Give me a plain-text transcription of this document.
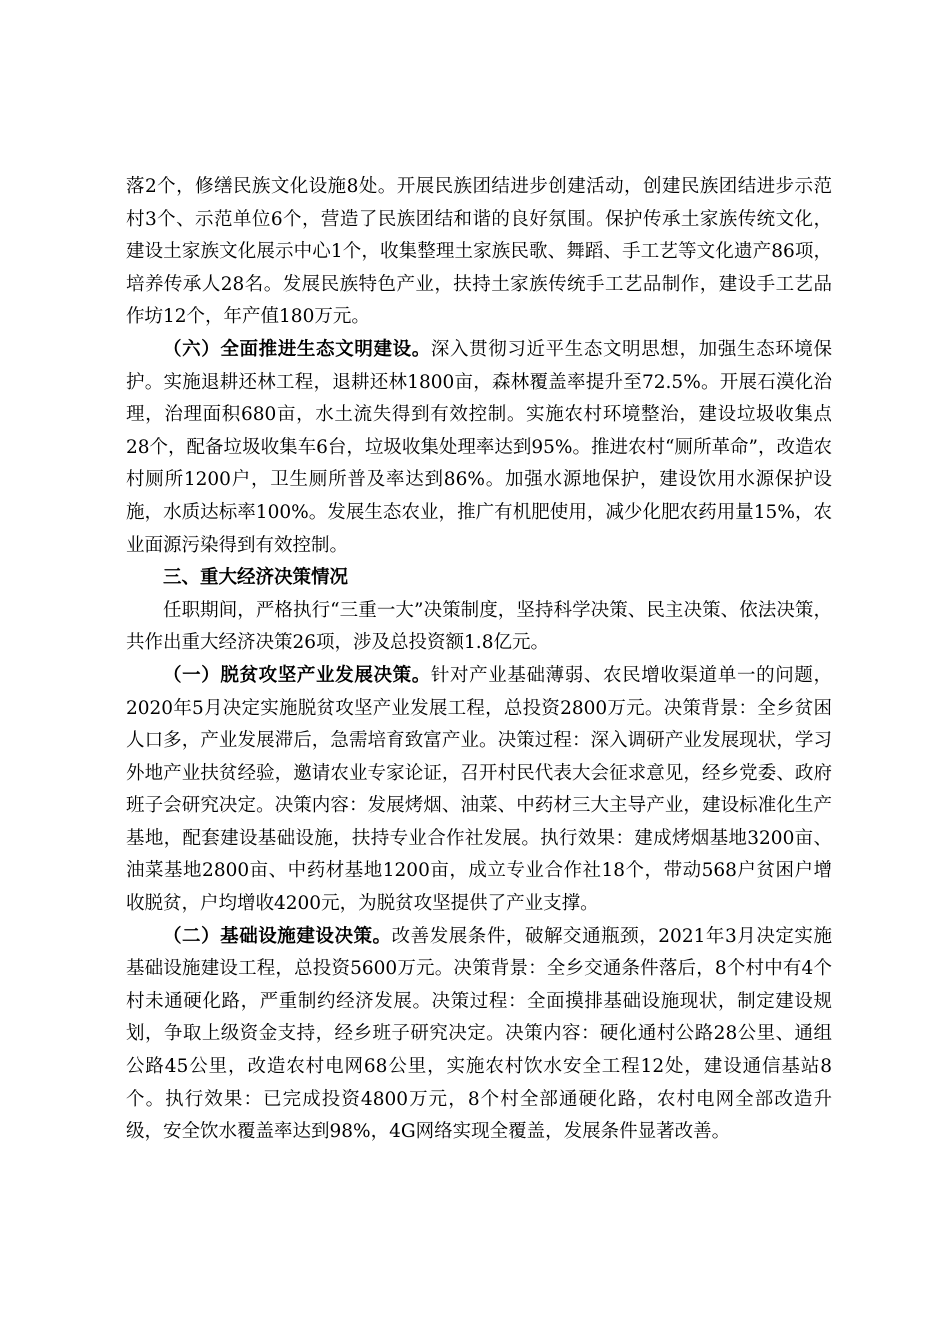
落2个，修缮民族文化设施8处。开展民族团结进步创建活动，创建民族团结进步示范村3个、示范单位6个，营造了民族团结和谐的良好氛围。保护传承土家族传统文化，建设土家族文化展示中心1个，收集整理土家族民歌、舞蹈、手工艺等文化遗产86项，培养传承人28名。发展民族特色产业，扶持土家族传统手工艺品制作，建设手工艺品作坊12个，年产值180万元。

（六）全面推进生态文明建设。深入贯彻习近平生态文明思想，加强生态环境保护。实施退耕还林工程，退耕还林1800亩，森林覆盖率提升至72.5%。开展石漠化治理，治理面积680亩，水土流失得到有效控制。实施农村环境整治，建设垃圾收集点28个，配备垃圾收集车6台，垃圾收集处理率达到95%。推进农村“厕所革命”，改造农村厕所1200户，卫生厕所普及率达到86%。加强水源地保护，建设饮用水源保护设施，水质达标率100%。发展生态农业，推广有机肥使用，减少化肥农药用量15%，农业面源污染得到有效控制。

三、重大经济决策情况

任职期间，严格执行“三重一大”决策制度，坚持科学决策、民主决策、依法决策，共作出重大经济决策26项，涉及总投资额1.8亿元。

（一）脱贫攻坚产业发展决策。针对产业基础薄弱、农民增收渠道单一的问题，2020年5月决定实施脱贫攻坚产业发展工程，总投资2800万元。决策背景：全乡贫困人口多，产业发展滞后，急需培育致富产业。决策过程：深入调研产业发展现状，学习外地产业扶贫经验，邀请农业专家论证，召开村民代表大会征求意见，经乡党委、政府班子会研究决定。决策内容：发展烤烟、油菜、中药材三大主导产业，建设标准化生产基地，配套建设基础设施，扶持专业合作社发展。执行效果：建成烤烟基地3200亩、油菜基地2800亩、中药材基地1200亩，成立专业合作社18个，带动568户贫困户增收脱贫，户均增收4200元，为脱贫攻坚提供了产业支撑。

（二）基础设施建设决策。改善发展条件，破解交通瓶颈，2021年3月决定实施基础设施建设工程，总投资5600万元。决策背景：全乡交通条件落后，8个村中有4个村未通硬化路，严重制约经济发展。决策过程：全面摸排基础设施现状，制定建设规划，争取上级资金支持，经乡班子研究决定。决策内容：硬化通村公路28公里、通组公路45公里，改造农村电网68公里，实施农村饮水安全工程12处，建设通信基站8个。执行效果：已完成投资4800万元，8个村全部通硬化路，农村电网全部改造升级，安全饮水覆盖率达到98%，4G网络实现全覆盖，发展条件显著改善。
